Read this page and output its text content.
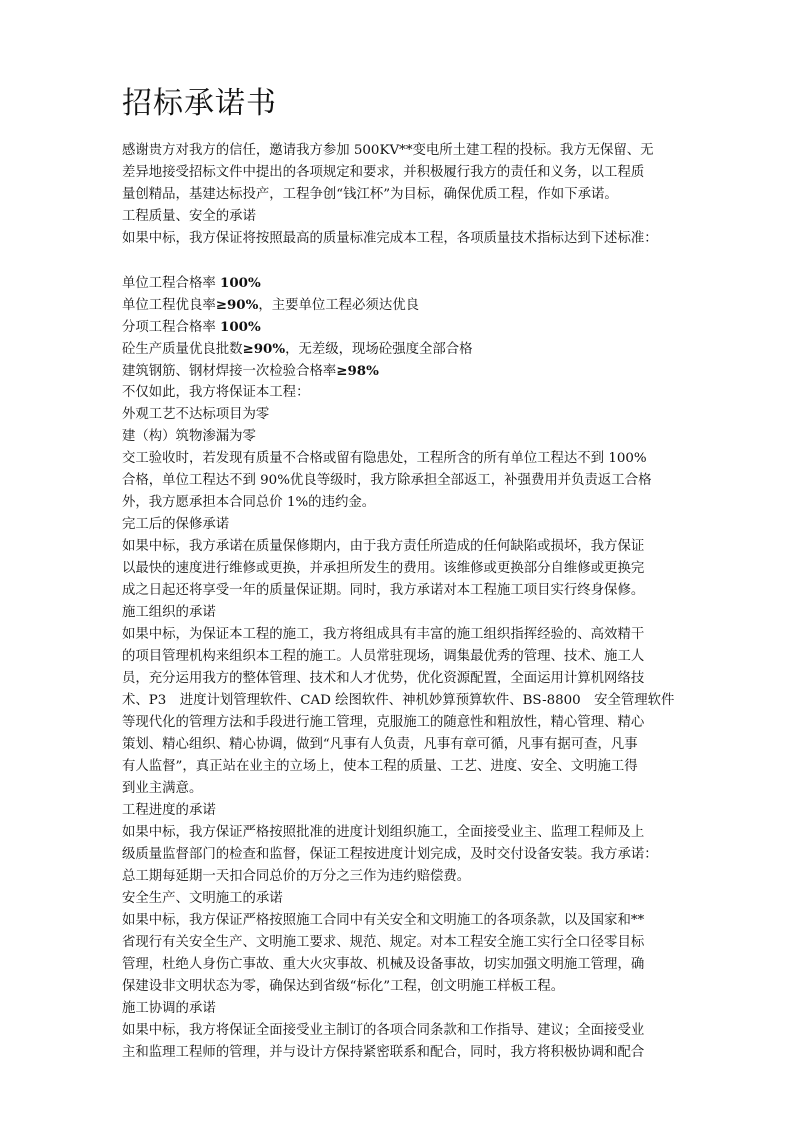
招标承诺书
感谢贵方对我方的信任，邀请我方参加 500KV**变电所土建工程的投标。我方无保留、无
差异地接受招标文件中提出的各项规定和要求，并积极履行我方的责任和义务，以工程质
量创精品，基建达标投产，工程争创“钱江杯”为目标，确保优质工程，作如下承诺。
工程质量、安全的承诺
如果中标，我方保证将按照最高的质量标准完成本工程，各项质量技术指标达到下述标准：
单位工程合格率 100%
单位工程优良率≥90%，主要单位工程必须达优良
分项工程合格率 100%
砼生产质量优良批数≥90%，无差级，现场砼强度全部合格
建筑钢筋、钢材焊接一次检验合格率≥98%
不仅如此，我方将保证本工程：
外观工艺不达标项目为零
建（构）筑物渗漏为零
交工验收时，若发现有质量不合格或留有隐患处，工程所含的所有单位工程达不到 100%
合格，单位工程达不到 90%优良等级时，我方除承担全部返工，补强费用并负责返工合格
外，我方愿承担本合同总价 1%的违约金。
完工后的保修承诺
如果中标，我方承诺在质量保修期内，由于我方责任所造成的任何缺陷或损坏，我方保证
以最快的速度进行维修或更换，并承担所发生的费用。该维修或更换部分自维修或更换完
成之日起还将享受一年的质量保证期。同时，我方承诺对本工程施工项目实行终身保修。
施工组织的承诺
如果中标，为保证本工程的施工，我方将组成具有丰富的施工组织指挥经验的、高效精干
的项目管理机构来组织本工程的施工。人员常驻现场，调集最优秀的管理、技术、施工人
员，充分运用我方的整体管理、技术和人才优势，优化资源配置，全面运用计算机网络技
术、P3　进度计划管理软件、CAD 绘图软件、神机妙算预算软件、BS-8800　安全管理软件
等现代化的管理方法和手段进行施工管理，克服施工的随意性和粗放性，精心管理、精心
策划、精心组织、精心协调，做到“凡事有人负责，凡事有章可循，凡事有据可查，凡事
有人监督”，真正站在业主的立场上，使本工程的质量、工艺、进度、安全、文明施工得
到业主满意。
工程进度的承诺
如果中标，我方保证严格按照批准的进度计划组织施工，全面接受业主、监理工程师及上
级质量监督部门的检查和监督，保证工程按进度计划完成，及时交付设备安装。我方承诺：
总工期每延期一天扣合同总价的万分之三作为违约赔偿费。
安全生产、文明施工的承诺
如果中标，我方保证严格按照施工合同中有关安全和文明施工的各项条款，以及国家和**
省现行有关安全生产、文明施工要求、规范、规定。对本工程安全施工实行全口径零目标
管理，杜绝人身伤亡事故、重大火灾事故、机械及设备事故，切实加强文明施工管理，确
保建设非文明状态为零，确保达到省级“标化”工程，创文明施工样板工程。
施工协调的承诺
如果中标，我方将保证全面接受业主制订的各项合同条款和工作指导、建议；全面接受业
主和监理工程师的管理，并与设计方保持紧密联系和配合，同时，我方将积极协调和配合
